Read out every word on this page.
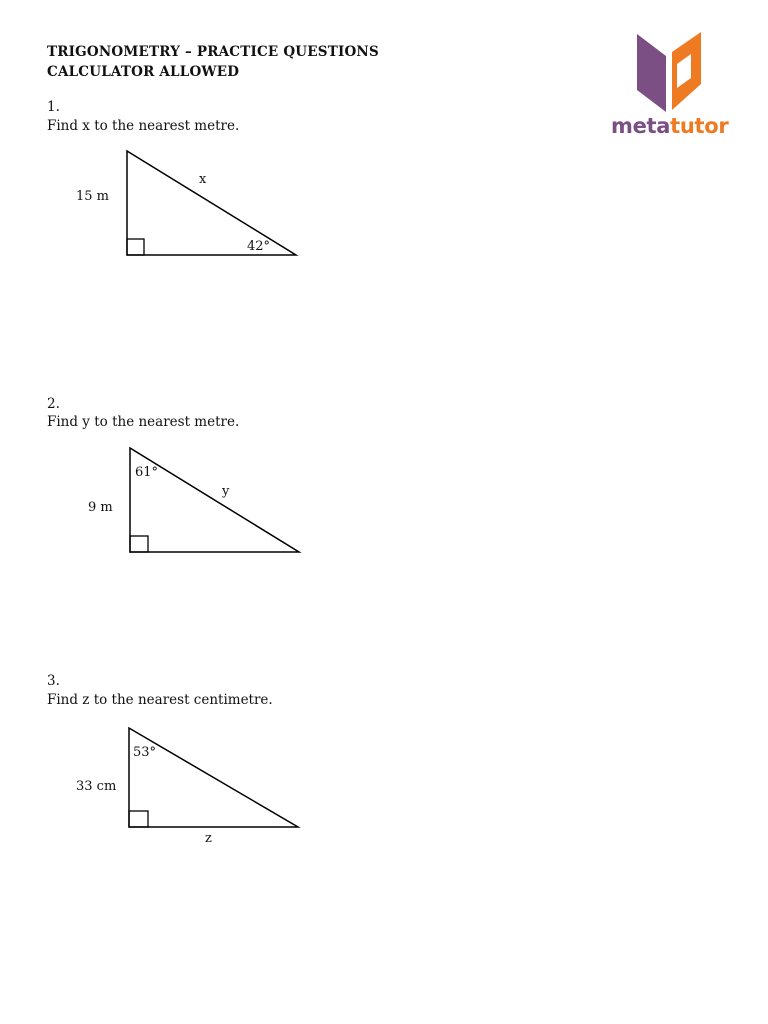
TRIGONOMETRY – PRACTICE QUESTIONS
CALCULATOR ALLOWED
metatutor
1.
Find x to the nearest metre.
15 m
x
42°
2.
Find y to the nearest metre.
9 m
y
61°
3.
Find z to the nearest centimetre.
33 cm
z
53°
